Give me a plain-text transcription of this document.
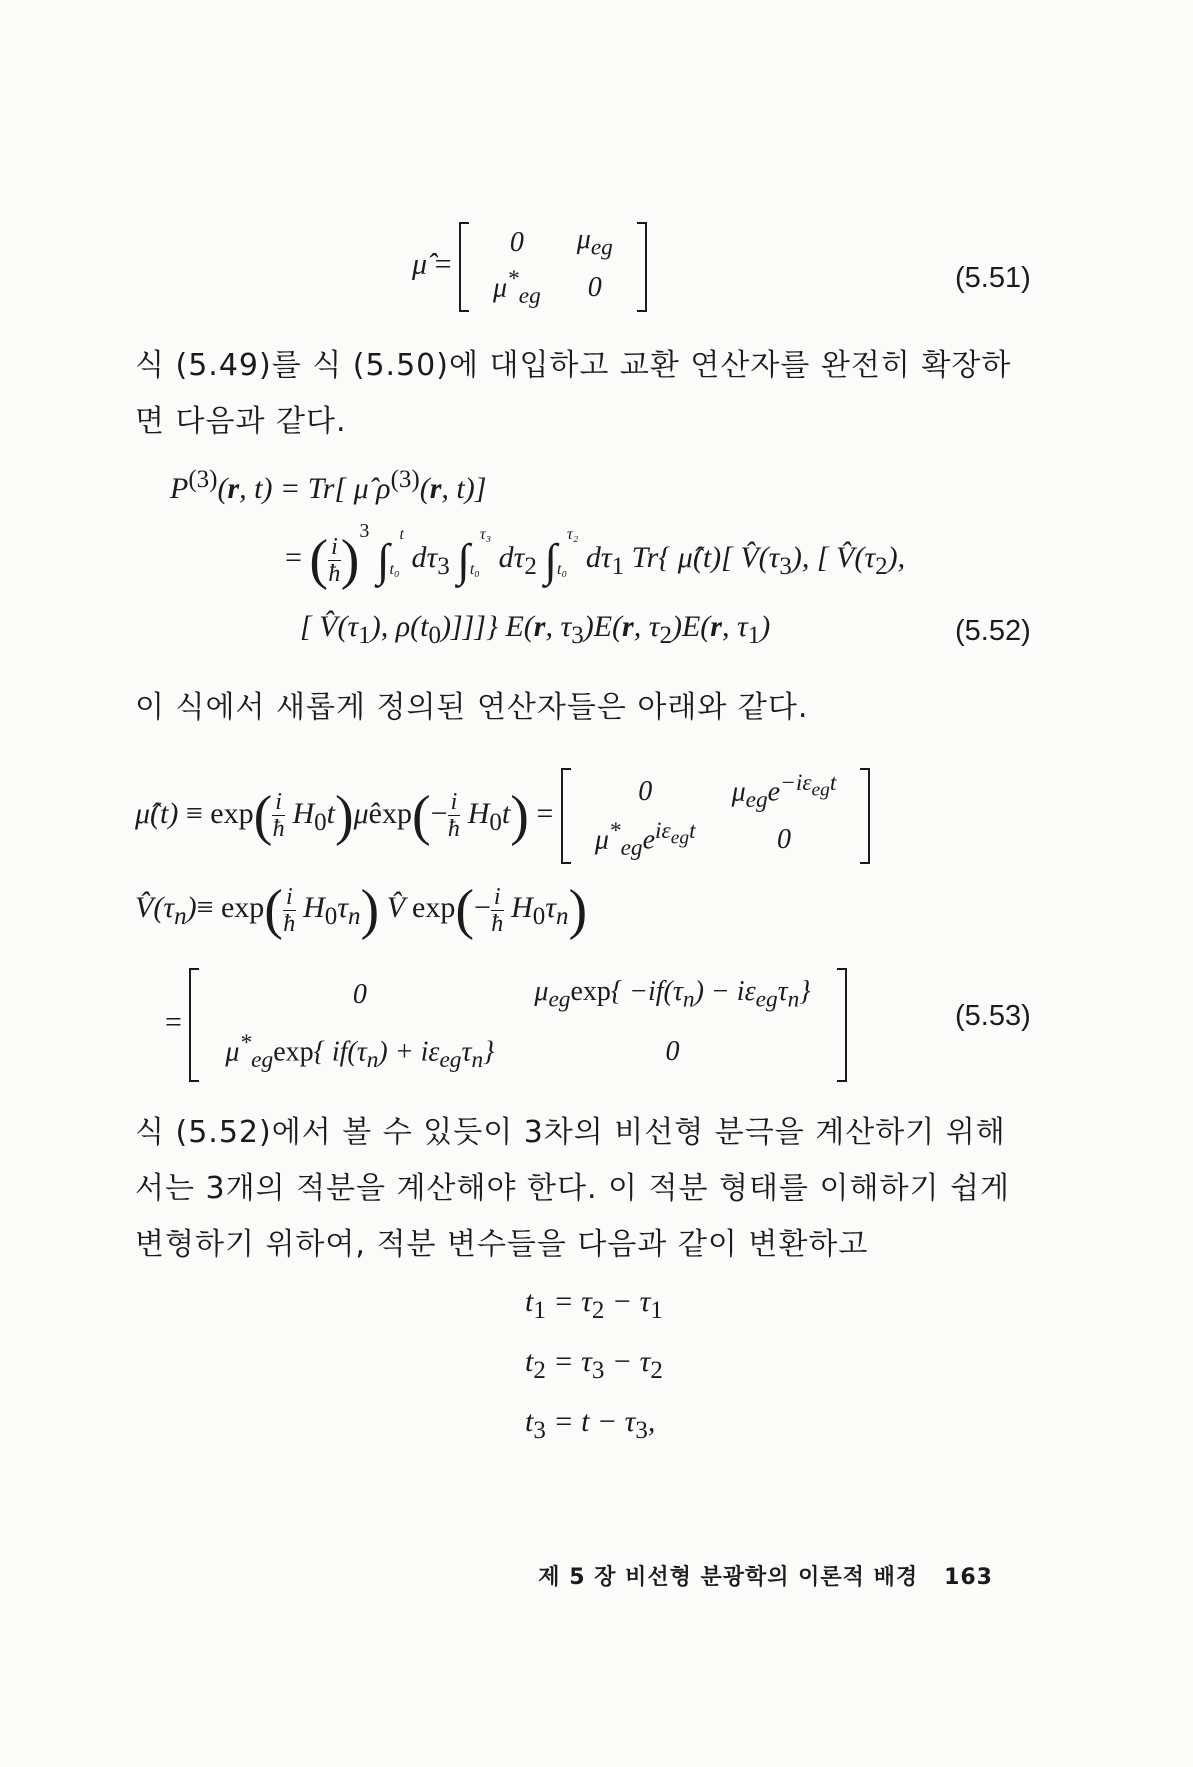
μ̂ =
0	$\mu_{eg}$
$\mu^*_{eg}$	0	(5.51)

식 (5.49)를 식 (5.50)에 대입하고 교환 연산자를 완전히 확장하면 다음과 같다.

$P^{(3)}(r$, t) = Tr[ μ̂ $\rho^{(3)}(r$, t)]
= ( $\frac{i}{ħ} )^3$ $\int_{t_0}^t$ $d\tau_3$ $\int_{t_0}^{\tau_3}$ $d\tau_2$ $\int_{t_0}^{\tau_2}$ $d\tau_1$ Tr{ μ̂(t)[ $V̂(\tau_3)$, [ $V̂(\tau_2)$,
[ $V̂(\tau_1)$, $\rho(t_0)$]]]} E(r, $\tau_3)E(r$, $\tau_2)E(r$, $\tau_1$)	(5.52)

이 식에서 새롭게 정의된 연산자들은 아래와 같다.

μ̂(t) ≡ $\exp( \frac{i}{ħ}$ $H_0t)\mû\exp(- \frac{i}{ħ} H_0t)$ =
0	$\mu_{eg}e^{-i\varepsilon_{eg}t}$
$\mu^*_{eg}e^{i\varepsilon_{eg}t}$	0
$V̂(\tau_n)\equiv \exp( \frac{i}{ħ} H_0\tau_n)$ V̂ $\exp(- \frac{i}{ħ} H_0\tau_n)$
=
0	$\mu_{eg}\exp\{ -if(\tau_n) - i\varepsilon_{eg}\tau_n\}$
$\mu^*_{eg}\exp${ $if(\tau_n) + i\varepsilon_{eg}\tau_n$}	0
(5.53)

식 (5.52)에서 볼 수 있듯이 3차의 비선형 분극을 계산하기 위해서는 3개의 적분을 계산해야 한다. 이 적분 형태를 이해하기 쉽게 변형하기 위하여, 적분 변수들을 다음과 같이 변환하고

$t_1 = \tau_2 - \tau_1$
$t_2 = \tau_3 - \tau_2$
$t_3 = t - \tau_3$,
제 5 장 비선형 분광학의 이론적 배경 163
